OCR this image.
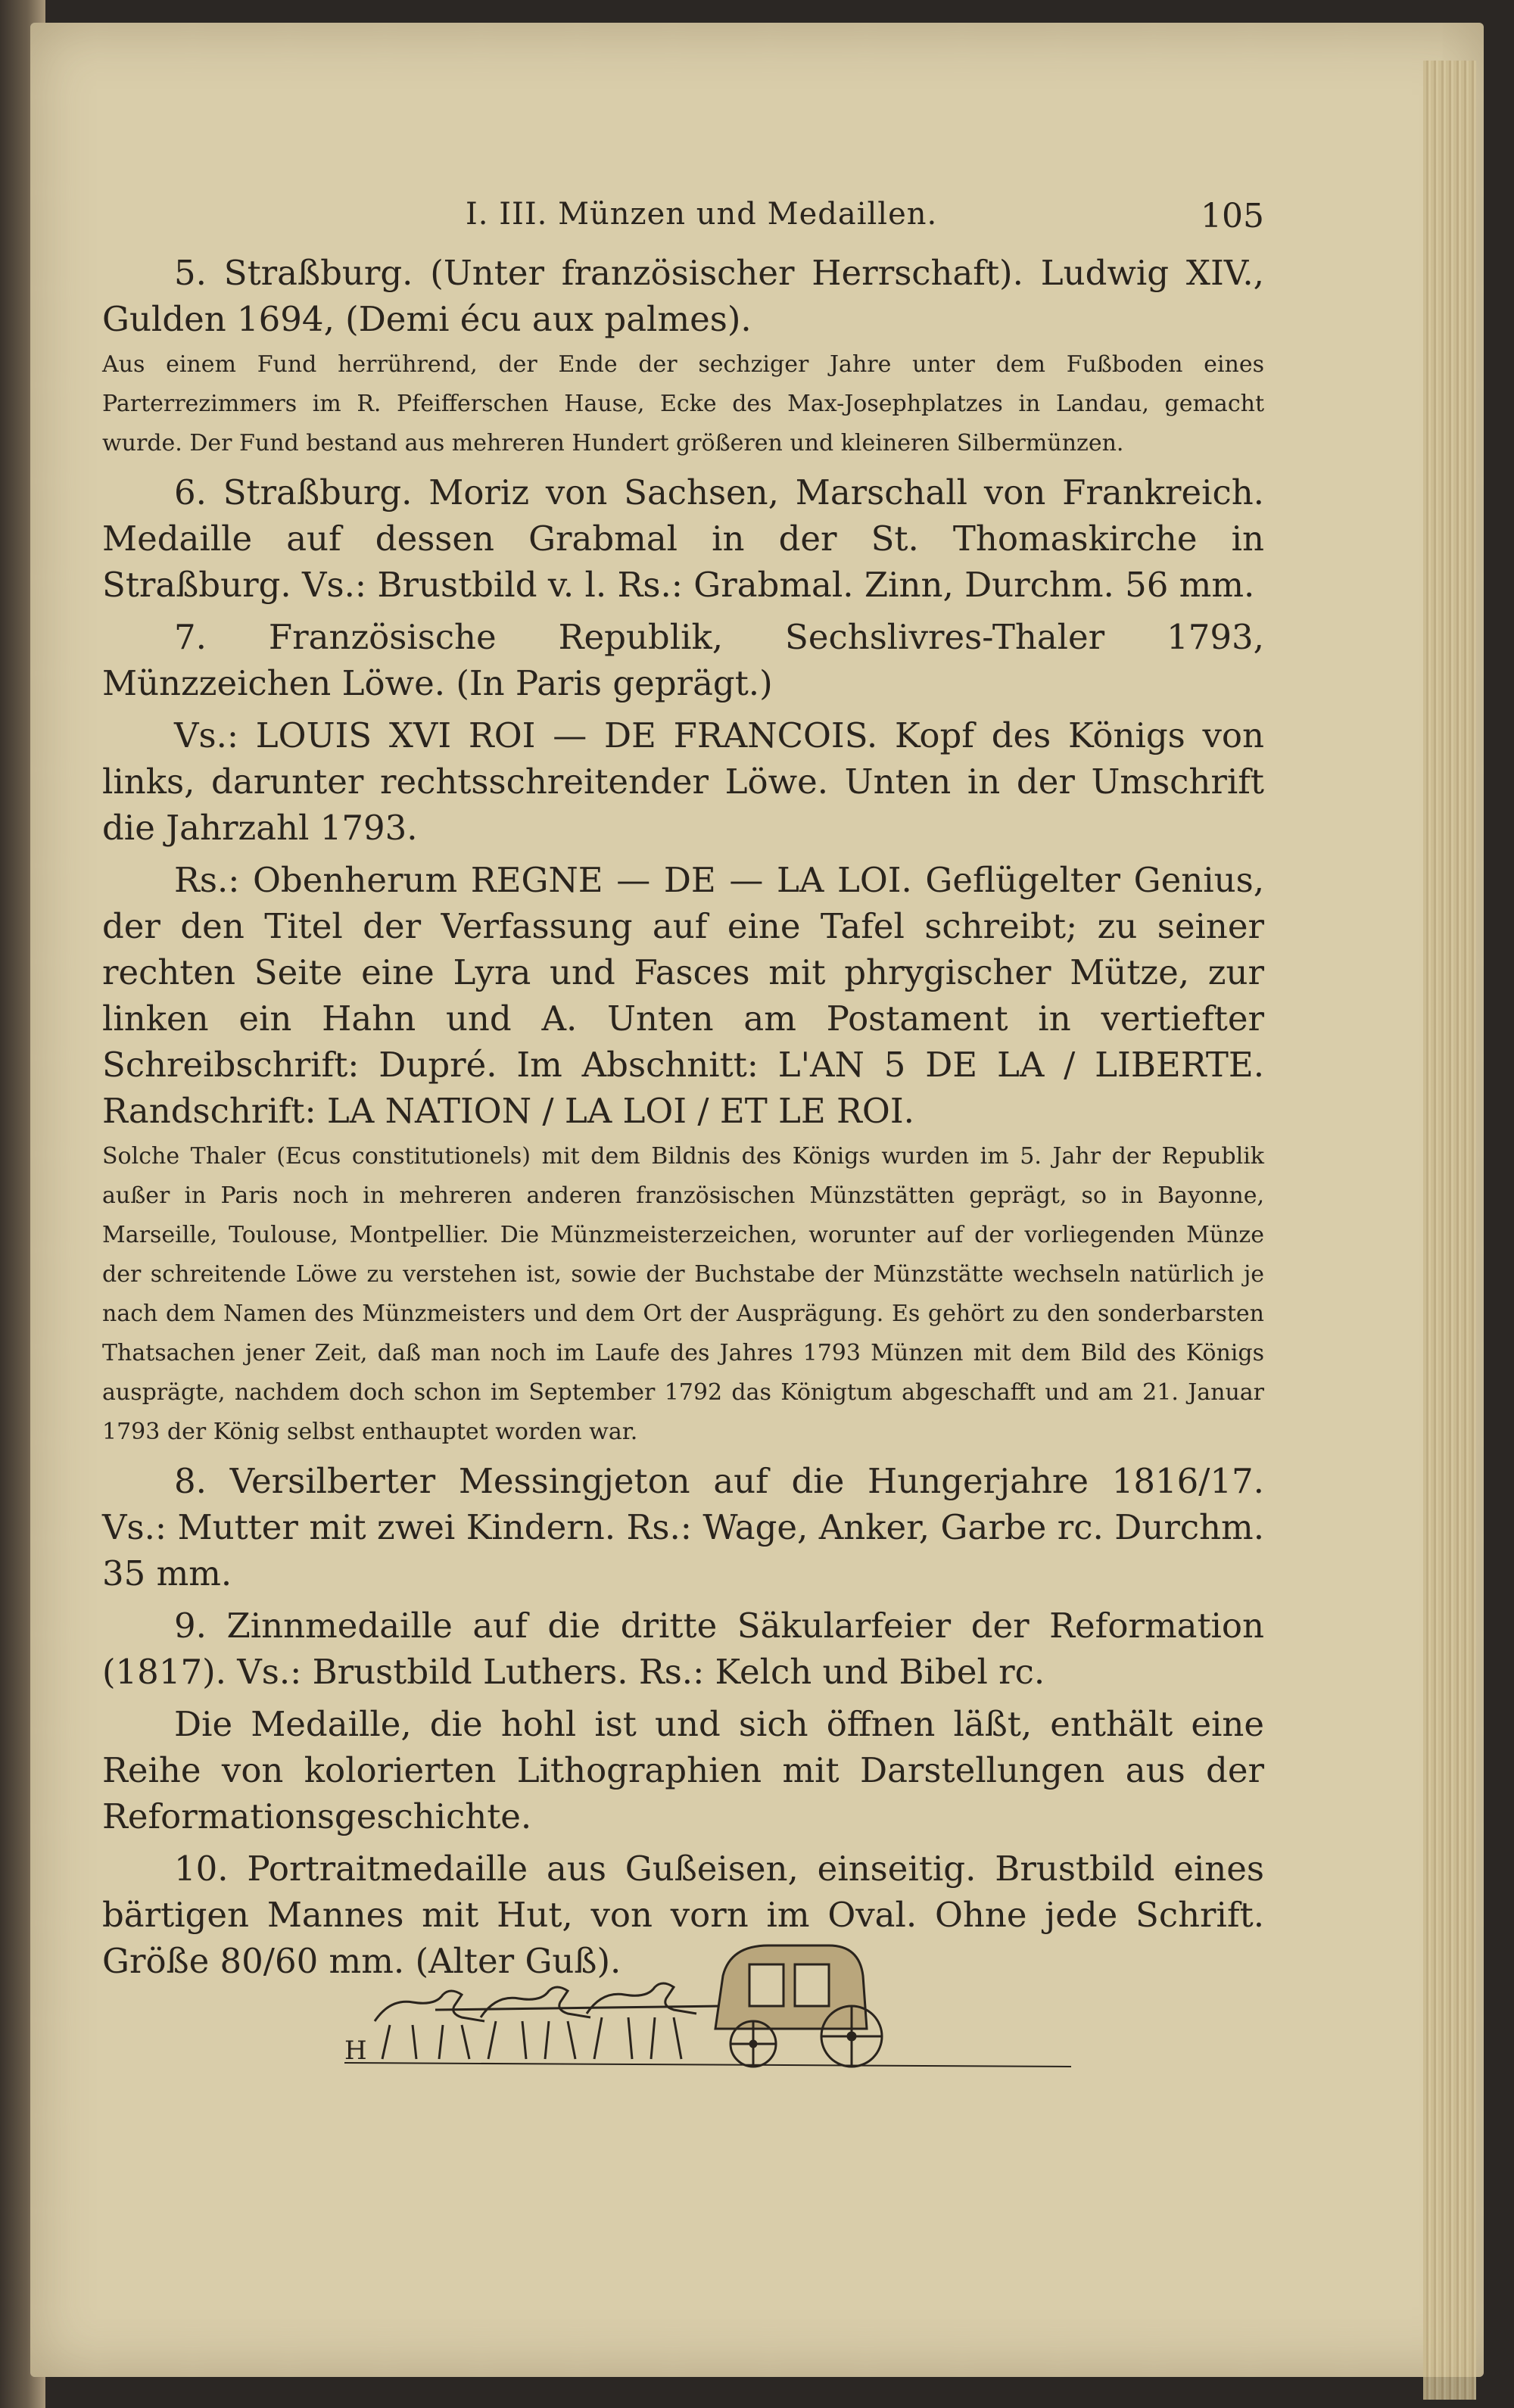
I. III. Münzen und Medaillen.	105

5. Straßburg. (Unter französischer Herrschaft). Ludwig XIV., Gulden 1694, (Demi écu aux palmes).

Aus einem Fund herrührend, der Ende der sechziger Jahre unter dem Fußboden eines Parterrezimmers im R. Pfeifferschen Hause, Ecke des Max-Josephplatzes in Landau, gemacht wurde. Der Fund bestand aus mehreren Hundert größeren und kleineren Silbermünzen.

6. Straßburg. Moriz von Sachsen, Marschall von Frankreich. Medaille auf dessen Grabmal in der St. Thomaskirche in Straßburg. Vs.: Brustbild v. l. Rs.: Grabmal. Zinn, Durchm. 56 mm.

7. Französische Republik, Sechslivres-Thaler 1793, Münzzeichen Löwe. (In Paris geprägt.)

Vs.: LOUIS XVI ROI — DE FRANCOIS. Kopf des Königs von links, darunter rechtsschreitender Löwe. Unten in der Umschrift die Jahrzahl 1793.

Rs.: Obenherum REGNE — DE — LA LOI. Geflügelter Genius, der den Titel der Verfassung auf eine Tafel schreibt; zu seiner rechten Seite eine Lyra und Fasces mit phrygischer Mütze, zur linken ein Hahn und A. Unten am Postament in vertiefter Schreibschrift: Dupré. Im Abschnitt: L'AN 5 DE LA / LIBERTE. Randschrift: LA NATION / LA LOI / ET LE ROI.

Solche Thaler (Ecus constitutionels) mit dem Bildnis des Königs wurden im 5. Jahr der Republik außer in Paris noch in mehreren anderen französischen Münzstätten geprägt, so in Bayonne, Marseille, Toulouse, Montpellier. Die Münzmeisterzeichen, worunter auf der vorliegenden Münze der schreitende Löwe zu verstehen ist, sowie der Buchstabe der Münzstätte wechseln natürlich je nach dem Namen des Münzmeisters und dem Ort der Ausprägung. Es gehört zu den sonderbarsten Thatsachen jener Zeit, daß man noch im Laufe des Jahres 1793 Münzen mit dem Bild des Königs ausprägte, nachdem doch schon im September 1792 das Königtum abgeschafft und am 21. Januar 1793 der König selbst enthauptet worden war.

8. Versilberter Messingjeton auf die Hungerjahre 1816/17. Vs.: Mutter mit zwei Kindern. Rs.: Wage, Anker, Garbe rc. Durchm. 35 mm.

9. Zinnmedaille auf die dritte Säkularfeier der Reformation (1817). Vs.: Brustbild Luthers. Rs.: Kelch und Bibel rc.

Die Medaille, die hohl ist und sich öffnen läßt, enthält eine Reihe von kolorierten Lithographien mit Darstellungen aus der Reformationsgeschichte.

10. Portraitmedaille aus Gußeisen, einseitig. Brustbild eines bärtigen Mannes mit Hut, von vorn im Oval. Ohne jede Schrift. Größe 80/60 mm. (Alter Guß).

H
